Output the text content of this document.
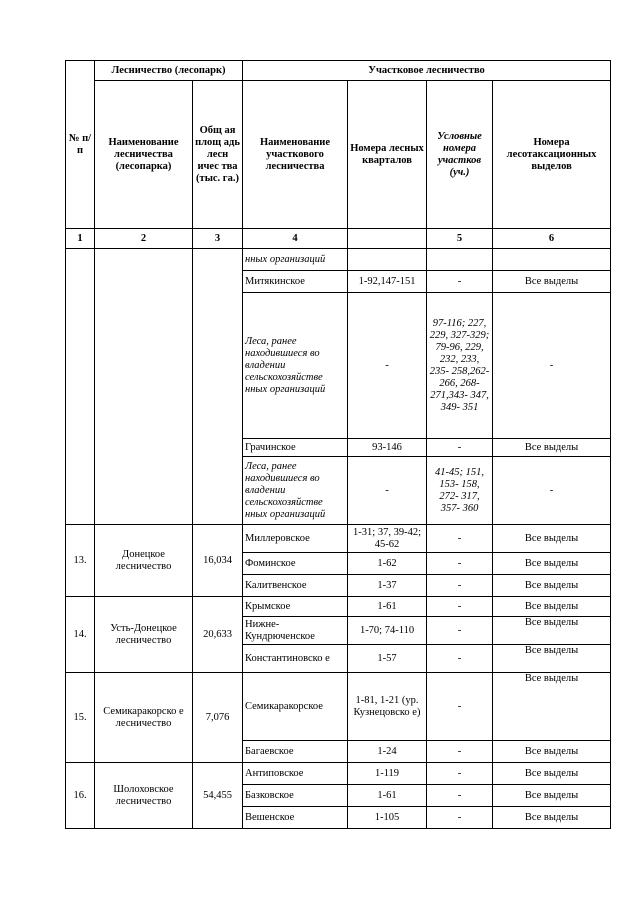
№ п/п	Лесничество (лесопарк)		Участковое лесничество			
	Наименование лесничества (лесопарка)	Общ ая площ адь лесн ичес тва (тыс. га.)	Наименование участкового лесничества	Номера лесных кварталов	Условные номера участков (уч.)	Номера лесотаксационных выделов
1	2	3	4		5	6
			нных организаций			
			Митякинское	1-92,147-151	-	Все выделы
			Леса, ранее находившиеся во владении сельскохозяйстве нных организаций	-	97-116; 227, 229, 327-329; 79-96, 229, 232, 233, 235- 258,262- 266, 268- 271,343- 347, 349- 351	-
			Грачинское	93-146	-	Все выделы
			Леса, ранее находившиеся во владении сельскохозяйстве нных организаций	-	41-45; 151, 153- 158, 272- 317, 357- 360	-
13.	Донецкое лесничество	16,034	Миллеровское	1-31; 37, 39-42; 45-62	-	Все выделы
			Фоминское	1-62	-	Все выделы
			Калитвенское	1-37	-	Все выделы
14.	Усть-Донецкое лесничество	20,633	Крымское	1-61	-	Все выделы
			Нижне- Кундрюченское	1-70; 74-110	-	Все выделы
			Константиновско е	1-57	-	Все выделы
15.	Семикаракорско е лесничество	7,076	Семикаракорское	1-81, 1-21 (ур. Кузнецовско е)	-	Все выделы
			Багаевское	1-24	-	Все выделы
16.	Шолоховское лесничество	54,455	Антиповское	1-119	-	Все выделы
			Базковское	1-61	-	Все выделы
			Вешенское	1-105	-	Все выделы
